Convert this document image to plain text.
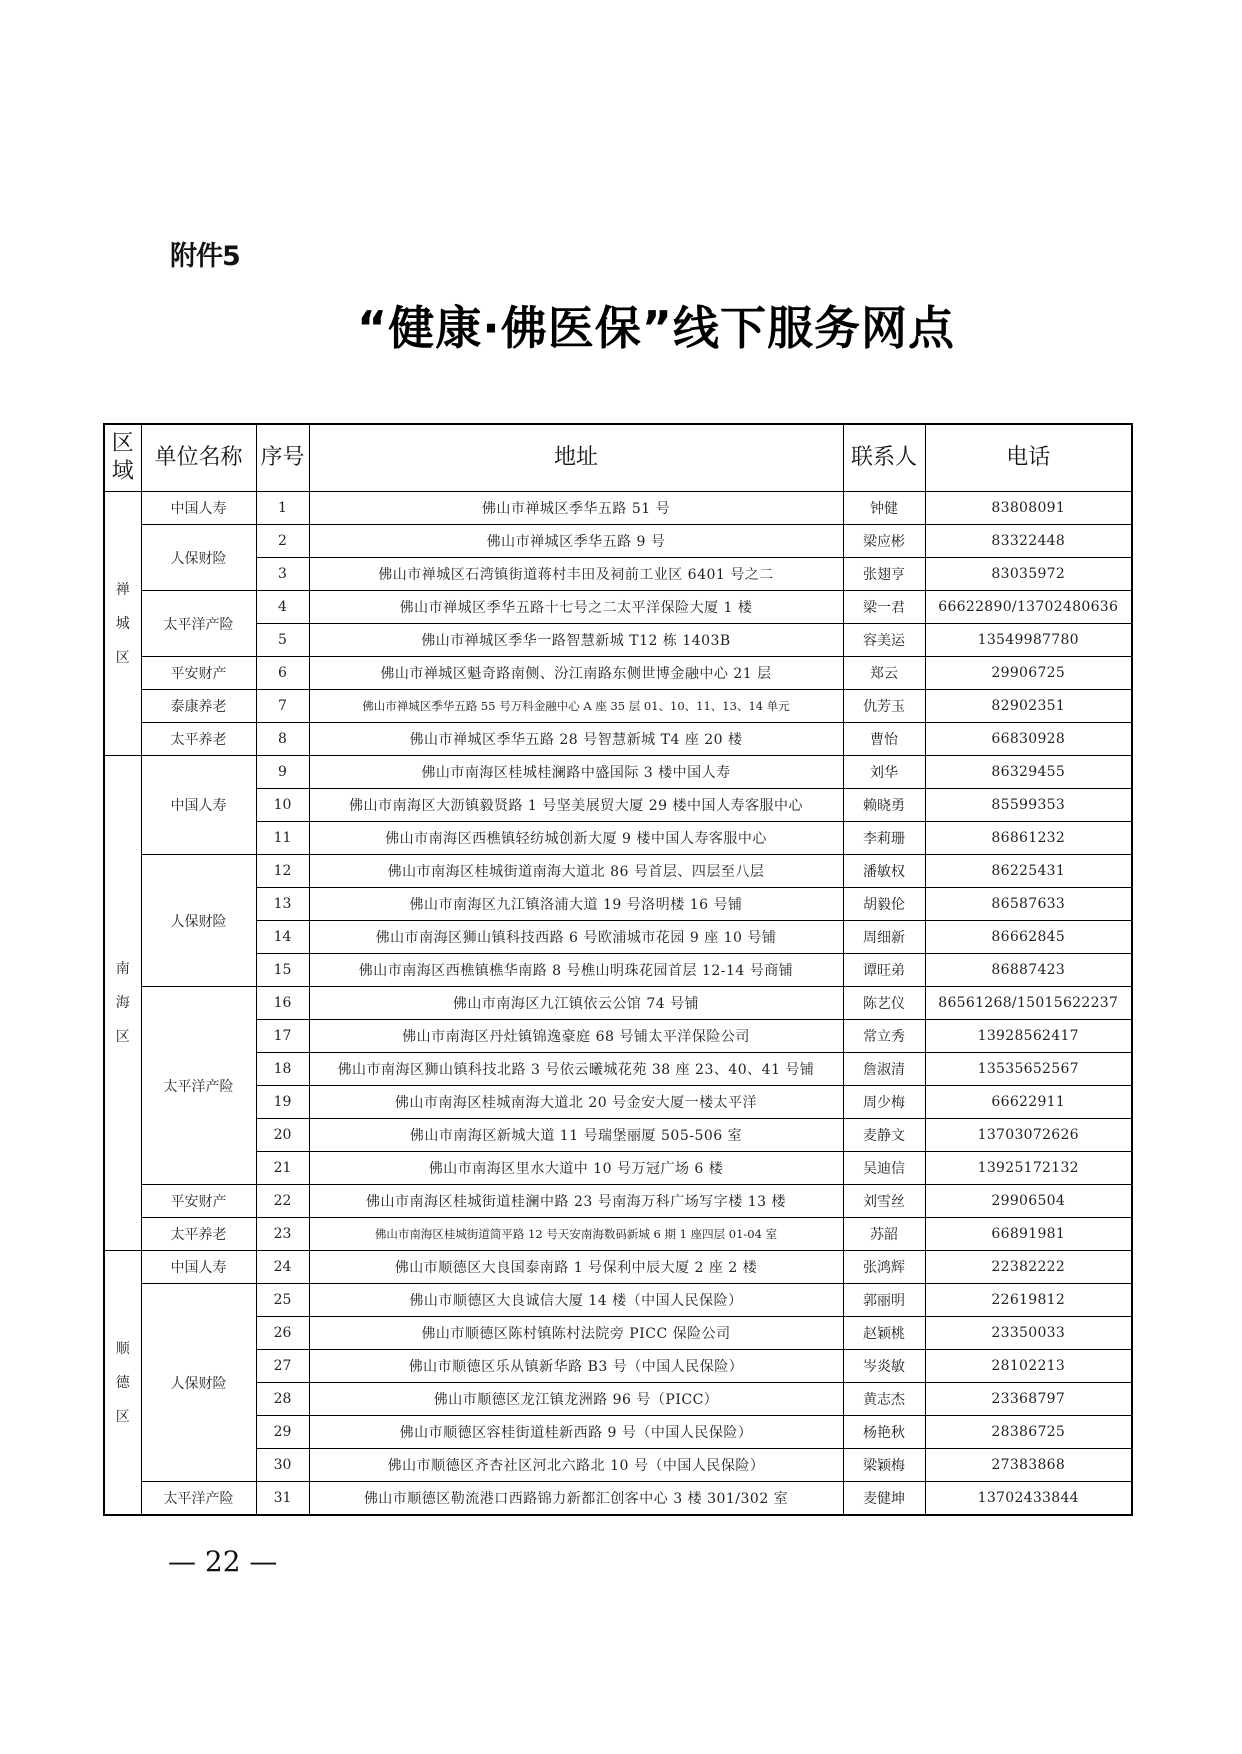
附件5
“健康·佛医保”线下服务网点
区域	单位名称	序号	地址	联系人	电话

禅
城
区	中国人寿	1	佛山市禅城区季华五路 51 号	钟健	83808091
	人保财险	2	佛山市禅城区季华五路 9 号	梁应彬	83322448
		3	佛山市禅城区石湾镇街道蒋村丰田及祠前工业区 6401 号之二	张翅亨	83035972
	太平洋产险	4	佛山市禅城区季华五路十七号之二太平洋保险大厦 1 楼	梁一君	66622890/13702480636
		5	佛山市禅城区季华一路智慧新城 T12 栋 1403B	容美运	13549987780
	平安财产	6	佛山市禅城区魁奇路南侧、汾江南路东侧世博金融中心 21 层	郑云	29906725
	泰康养老	7	佛山市禅城区季华五路 55 号万科金融中心 A 座 35 层 01、10、11、13、14 单元	仇芳玉	82902351
	太平养老	8	佛山市禅城区季华五路 28 号智慧新城 T4 座 20 楼	曹怡	66830928

南
海
区	中国人寿	9	佛山市南海区桂城桂澜路中盛国际 3 楼中国人寿	刘华	86329455
		10	佛山市南海区大沥镇毅贤路 1 号坚美展贸大厦 29 楼中国人寿客服中心	赖晓勇	85599353
		11	佛山市南海区西樵镇轻纺城创新大厦 9 楼中国人寿客服中心	李莉珊	86861232
	人保财险	12	佛山市南海区桂城街道南海大道北 86 号首层、四层至八层	潘敏权	86225431
		13	佛山市南海区九江镇洛浦大道 19 号洛明楼 16 号铺	胡毅伦	86587633
		14	佛山市南海区狮山镇科技西路 6 号欧浦城市花园 9 座 10 号铺	周细新	86662845
		15	佛山市南海区西樵镇樵华南路 8 号樵山明珠花园首层 12-14 号商铺	谭旺弟	86887423
	太平洋产险	16	佛山市南海区九江镇依云公馆 74 号铺	陈艺仪	86561268/15015622237
		17	佛山市南海区丹灶镇锦逸豪庭 68 号铺太平洋保险公司	常立秀	13928562417
		18	佛山市南海区狮山镇科技北路 3 号依云曦城花苑 38 座 23、40、41 号铺	詹淑清	13535652567
		19	佛山市南海区桂城南海大道北 20 号金安大厦一楼太平洋	周少梅	66622911
		20	佛山市南海区新城大道 11 号瑞堡丽厦 505-506 室	麦静文	13703072626
		21	佛山市南海区里水大道中 10 号万冠广场 6 楼	吴迪信	13925172132
	平安财产	22	佛山市南海区桂城街道桂澜中路 23 号南海万科广场写字楼 13 楼	刘雪丝	29906504
	太平养老	23	佛山市南海区桂城街道简平路 12 号天安南海数码新城 6 期 1 座四层 01-04 室	苏韶	66891981

顺
德
区	中国人寿	24	佛山市顺德区大良国泰南路 1 号保利中辰大厦 2 座 2 楼	张鸿辉	22382222
	人保财险	25	佛山市顺德区大良诚信大厦 14 楼（中国人民保险）	郭丽明	22619812
		26	佛山市顺德区陈村镇陈村法院旁 PICC 保险公司	赵颖桃	23350033
		27	佛山市顺德区乐从镇新华路 B3 号（中国人民保险）	岑炎敏	28102213
		28	佛山市顺德区龙江镇龙洲路 96 号（PICC）	黄志杰	23368797
		29	佛山市顺德区容桂街道桂新西路 9 号（中国人民保险）	杨艳秋	28386725
		30	佛山市顺德区齐杏社区河北六路北 10 号（中国人民保险）	梁颖梅	27383868
	太平洋产险	31	佛山市顺德区勒流港口西路锦力新都汇创客中心 3 楼 301/302 室	麦健坤	13702433844
— 22 —
